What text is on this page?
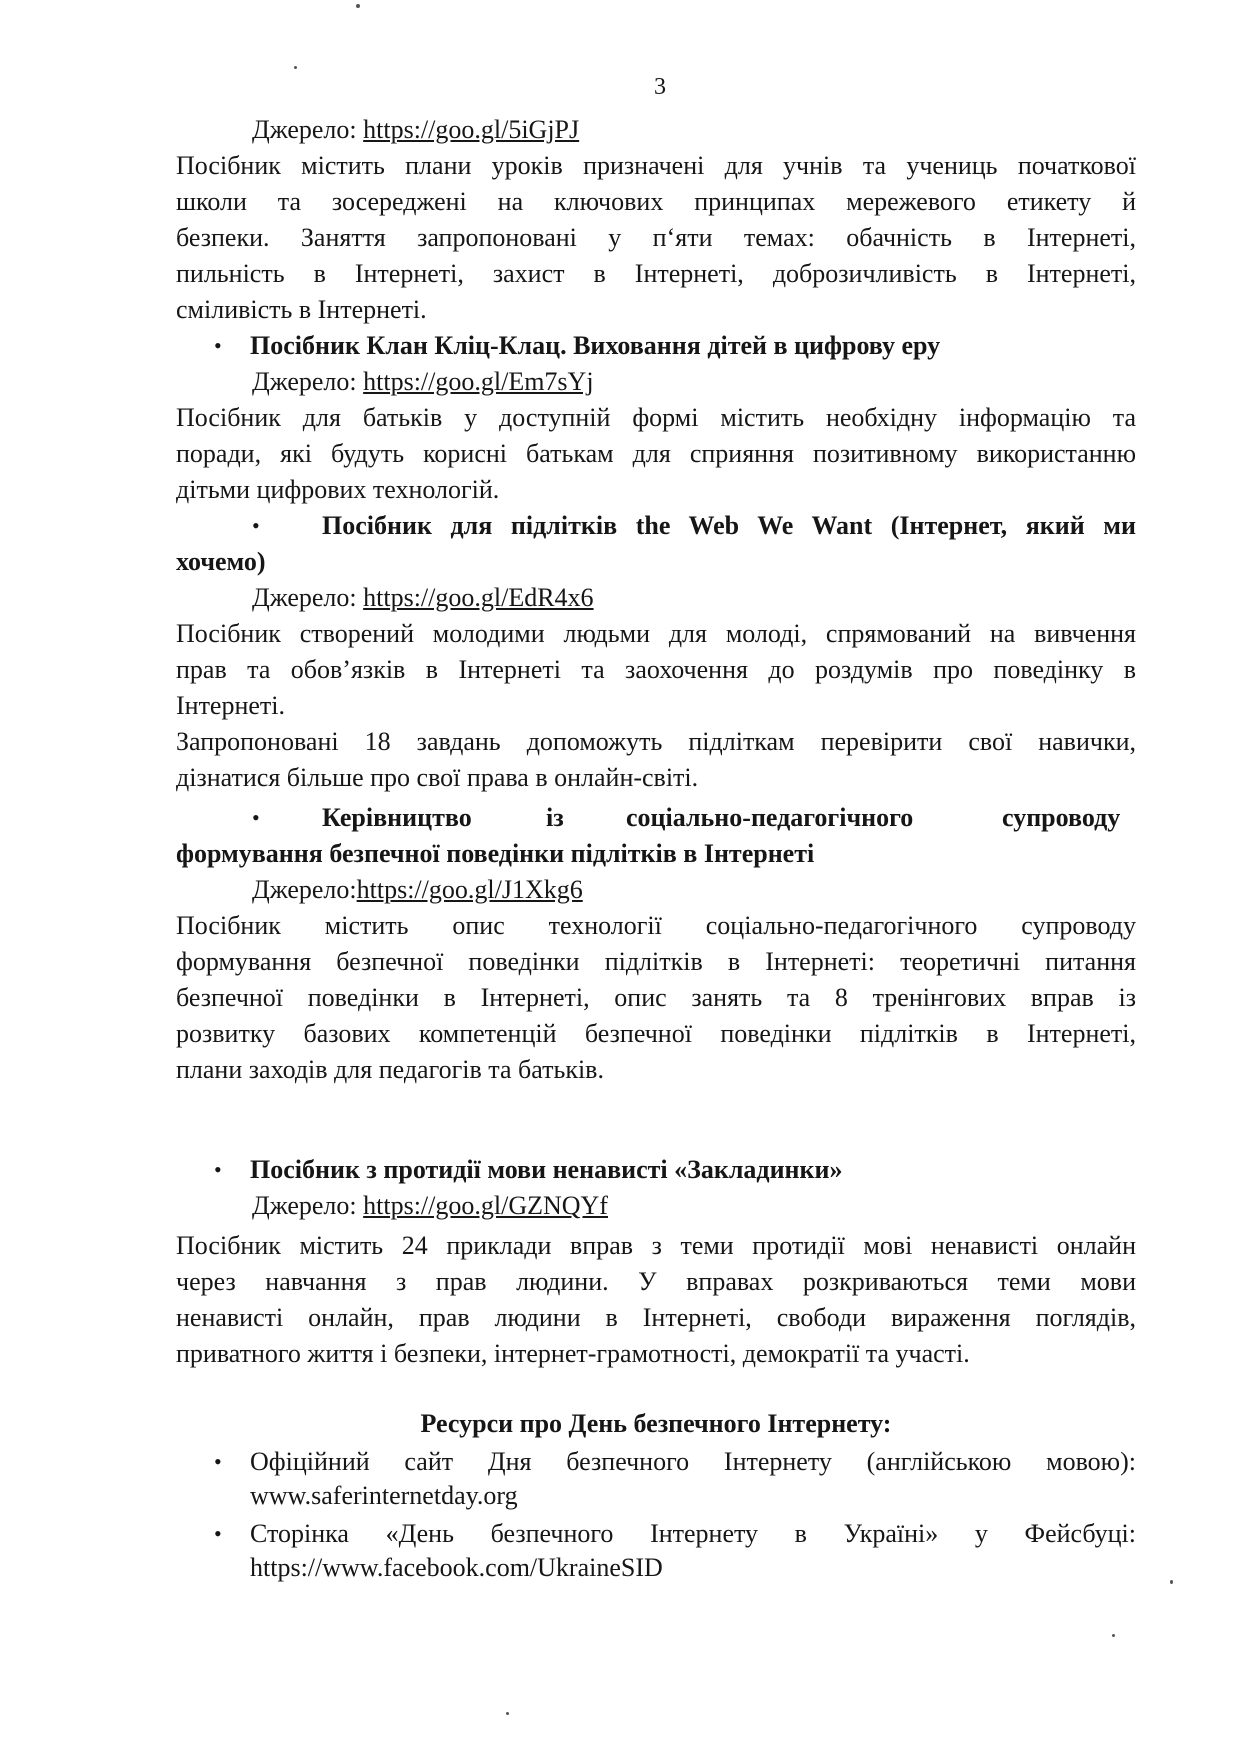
3
Джерело: https://goo.gl/5iGjPJ
Посібник містить плани уроків призначені для учнів та учениць початкової
школи та зосереджені на ключових принципах мережевого етикету й
безпеки. Заняття запропоновані у п‘яти темах: обачність в Інтернеті,
пильність в Інтернеті, захист в Інтернеті, доброзичливість в Інтернеті,
сміливість в Інтернеті.
• Посібник Клан Кліц-Клац. Виховання дітей в цифрову еру
Джерело: https://goo.gl/Em7sYj
Посібник для батьків у доступній формі містить необхідну інформацію та
поради, які будуть корисні батькам для сприяння позитивному використанню
дітьми цифрових технологій.
• Посібник для підлітків the Web We Want (Інтернет, який ми
хочемо)
Джерело: https://goo.gl/EdR4x6
Посібник створений молодими людьми для молоді, спрямований на вивчення
прав та обов’язків в Інтернеті та заохочення до роздумів про поведінку в
Інтернеті.
Запропоновані 18 завдань допоможуть підліткам перевірити свої навички,
дізнатися більше про свої права в онлайн-світі.
• Керівництво	із соціально-педагогічного	супроводу
формування безпечної поведінки підлітків в Інтернеті
Джерело:https://goo.gl/J1Xkg6
Посібник містить опис технології соціально-педагогічного супроводу
формування безпечної поведінки підлітків в Інтернеті: теоретичні питання
безпечної поведінки в Інтернеті, опис занять та 8 тренінгових вправ із
розвитку базових компетенцій безпечної поведінки підлітків в Інтернеті,
плани заходів для педагогів та батьків.
• Посібник з протидії мови ненависті «Закладинки»
Джерело: https://goo.gl/GZNQYf
Посібник містить 24 приклади вправ з теми протидії мові ненависті онлайн
через навчання з прав людини. У вправах розкриваються теми мови
ненависті онлайн, прав людини в Інтернеті, свободи вираження поглядів,
приватного життя і безпеки, інтернет-грамотності, демократії та участі.
Ресурси про День безпечного Інтернету:
• Офіційний сайт Дня безпечного Інтернету (англійською мовою):
www.saferinternetday.org
• Сторінка «День безпечного Інтернету в Україні» у Фейсбуці:
https://www.facebook.com/UkraineSID
